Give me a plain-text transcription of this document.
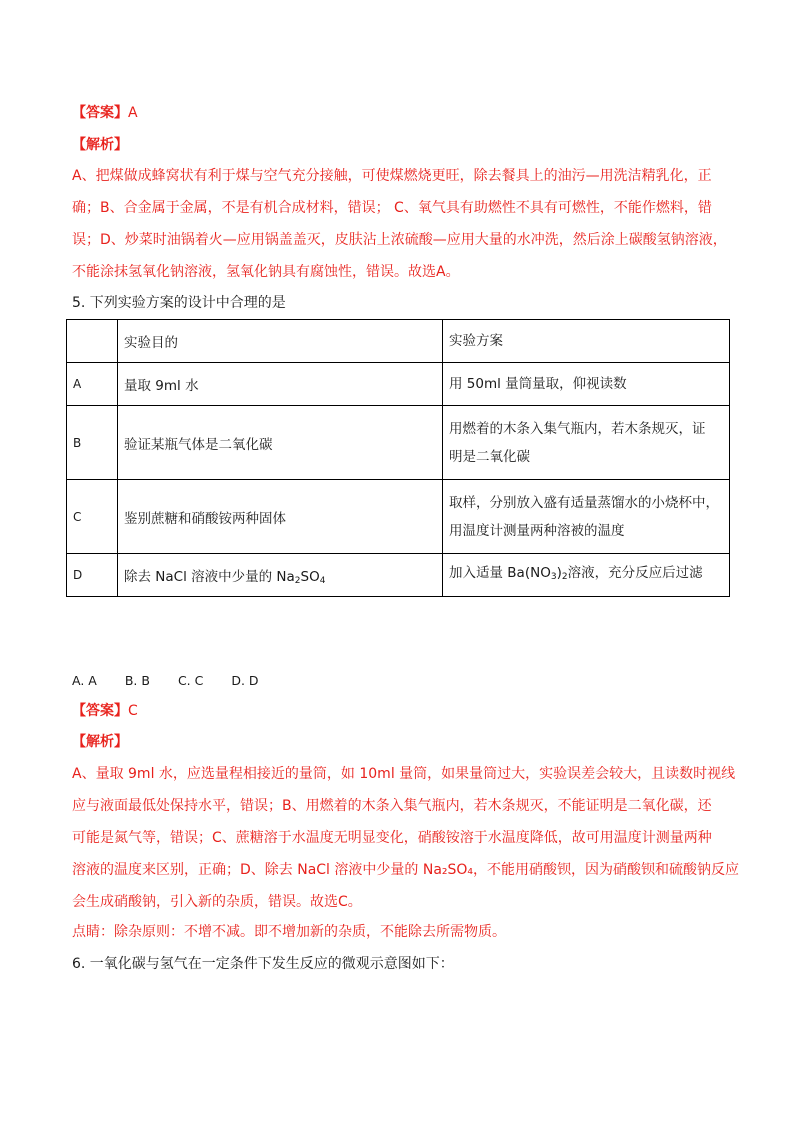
【答案】A
【解析】
A、把煤做成蜂窝状有利于煤与空气充分接触，可使煤燃烧更旺，除去餐具上的油污—用洗洁精乳化，正
确；B、合金属于金属，不是有机合成材料，错误； C、氧气具有助燃性不具有可燃性，不能作燃料，错
误；D、炒菜时油锅着火—应用锅盖盖灭，皮肤沾上浓硫酸—应用大量的水冲洗，然后涂上碳酸氢钠溶液，
不能涂抹氢氧化钠溶液，氢氧化钠具有腐蚀性，错误。故选A。
5. 下列实验方案的设计中合理的是
	实验目的	实验方案
A	量取 9ml 水	用 50ml 量筒量取，仰视读数
B	验证某瓶气体是二氧化碳	用燃着的木条入集气瓶内，若木条规灭，证
明是二氧化碳

C	鉴别蔗糖和硝酸铵两种固体	取样，分别放入盛有适量蒸馏水的小烧杯中，
用温度计测量两种溶被的温度

D	除去 NaCl 溶液中少量的 $Na_2SO_4$	加入适量 $Ba(NO_3)_2$溶液，充分反应后过滤
A. A B. B C. C D. D
【答案】C
【解析】
A、量取 9ml 水，应选量程相接近的量筒，如 10ml 量筒，如果量筒过大，实验误差会较大，且读数时视线
应与液面最低处保持水平，错误；B、用燃着的木条入集气瓶内，若木条规灭，不能证明是二氧化碳，还
可能是氮气等，错误；C、蔗糖溶于水温度无明显变化，硝酸铵溶于水温度降低，故可用温度计测量两种
溶液的温度来区别，正确；D、除去 NaCl 溶液中少量的 Na₂SO₄，不能用硝酸钡，因为硝酸钡和硫酸钠反应
会生成硝酸钠，引入新的杂质，错误。故选C。
点睛：除杂原则：不增不减。即不增加新的杂质，不能除去所需物质。
6. 一氧化碳与氢气在一定条件下发生反应的微观示意图如下：
